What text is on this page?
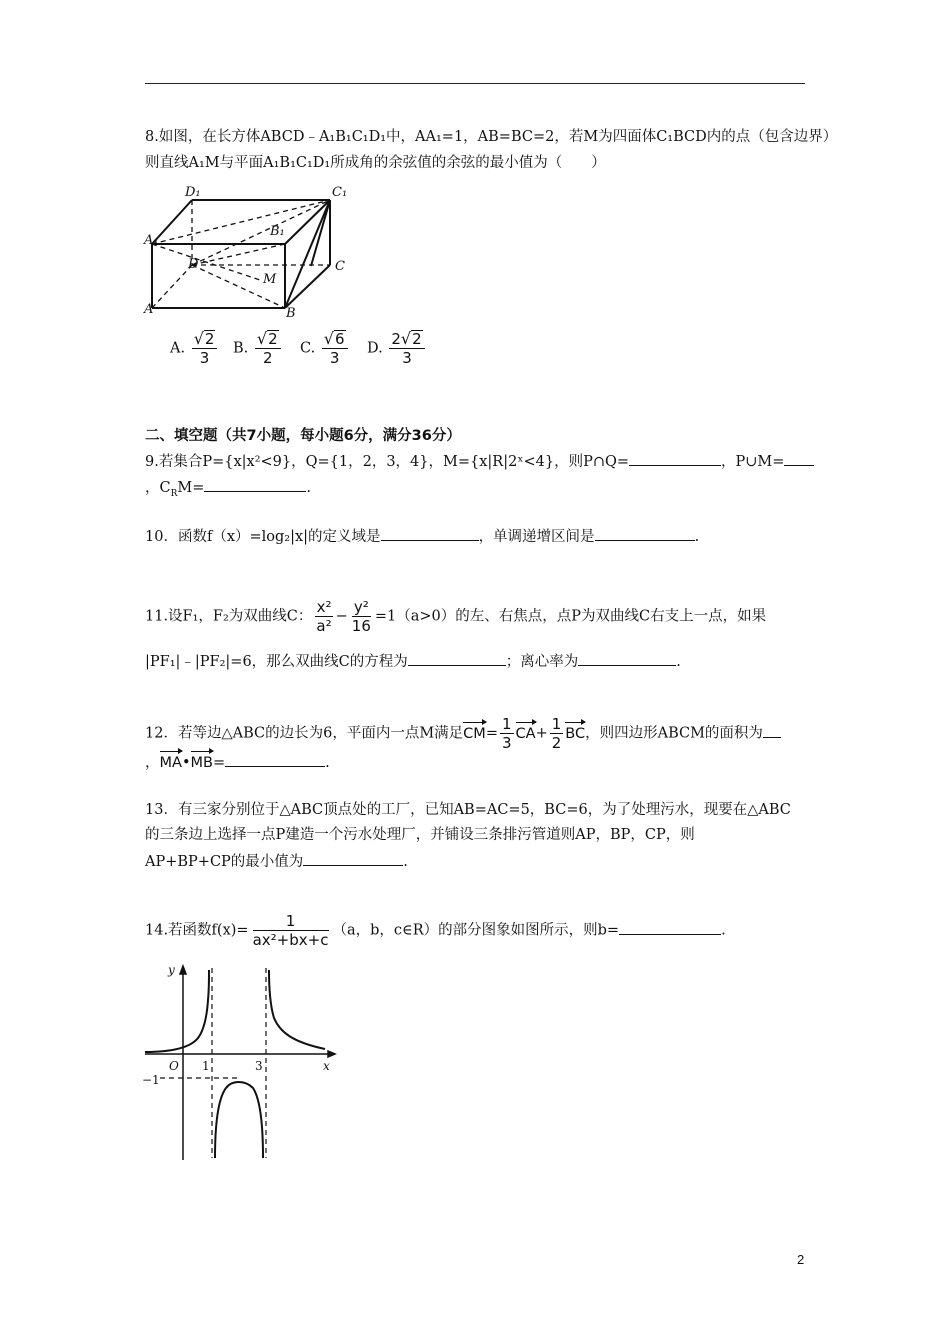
8.如图，在长方体ABCD﹣A₁B₁C₁D₁中，AA₁=1，AB=BC=2，若M为四面体C₁BCD内的点（包含边界）
则直线A₁M与平面A₁B₁C₁D₁所成角的余弦值的余弦的最小值为（　　）
D₁	C₁
A₁
B₁
D	C
M
A	B
A. $\frac{√ 2}{3} B$. $\frac{√ 2}{2} C$. $\frac{√ 6}{3} D$. $\frac{2 √ 2}{3}$
二、填空题（共7小题，每小题6分，满分36分）
9.若集合P={x|x²<9}，Q={1，2，3，4}，M={x|R|2ˣ<4}，则P∩Q=	，P∪M=
，$C_RM=$	.
10．函数f（x）=log₂|x|的定义域是	，单调递增区间是	.
11.设F₁，F₂为双曲线C： $\frac{\text{x²}}{\text{a²}} - \frac{\text{y²}}{16} =1(a>0)$的左、右焦点，点P为双曲线C右支上一点，如果
|PF₁|﹣|PF₂|=6，那么双曲线C的方程为	；离心率为	.
12．若等边△ABC的边长为6，平面内一点M满足$CM= \frac{1}{3} CA+ \frac{1}{2}$ BC，则四边形ABCM的面积为
，MA•MB=	.
13．有三家分别位于△ABC顶点处的工厂，已知AB=AC=5，BC=6，为了处理污水，现要在△ABC
的三条边上选择一点P建造一个污水处理厂，并铺设三条排污管道则AP，BP，CP，则
AP+BP+CP的最小值为	.
14.若函数$f(x)= \frac{1}{\text{ax²+bx+c}} (a$，b，c∈R）的部分图象如图所示，则b=	.
y
x
O 1	3
−1
2
